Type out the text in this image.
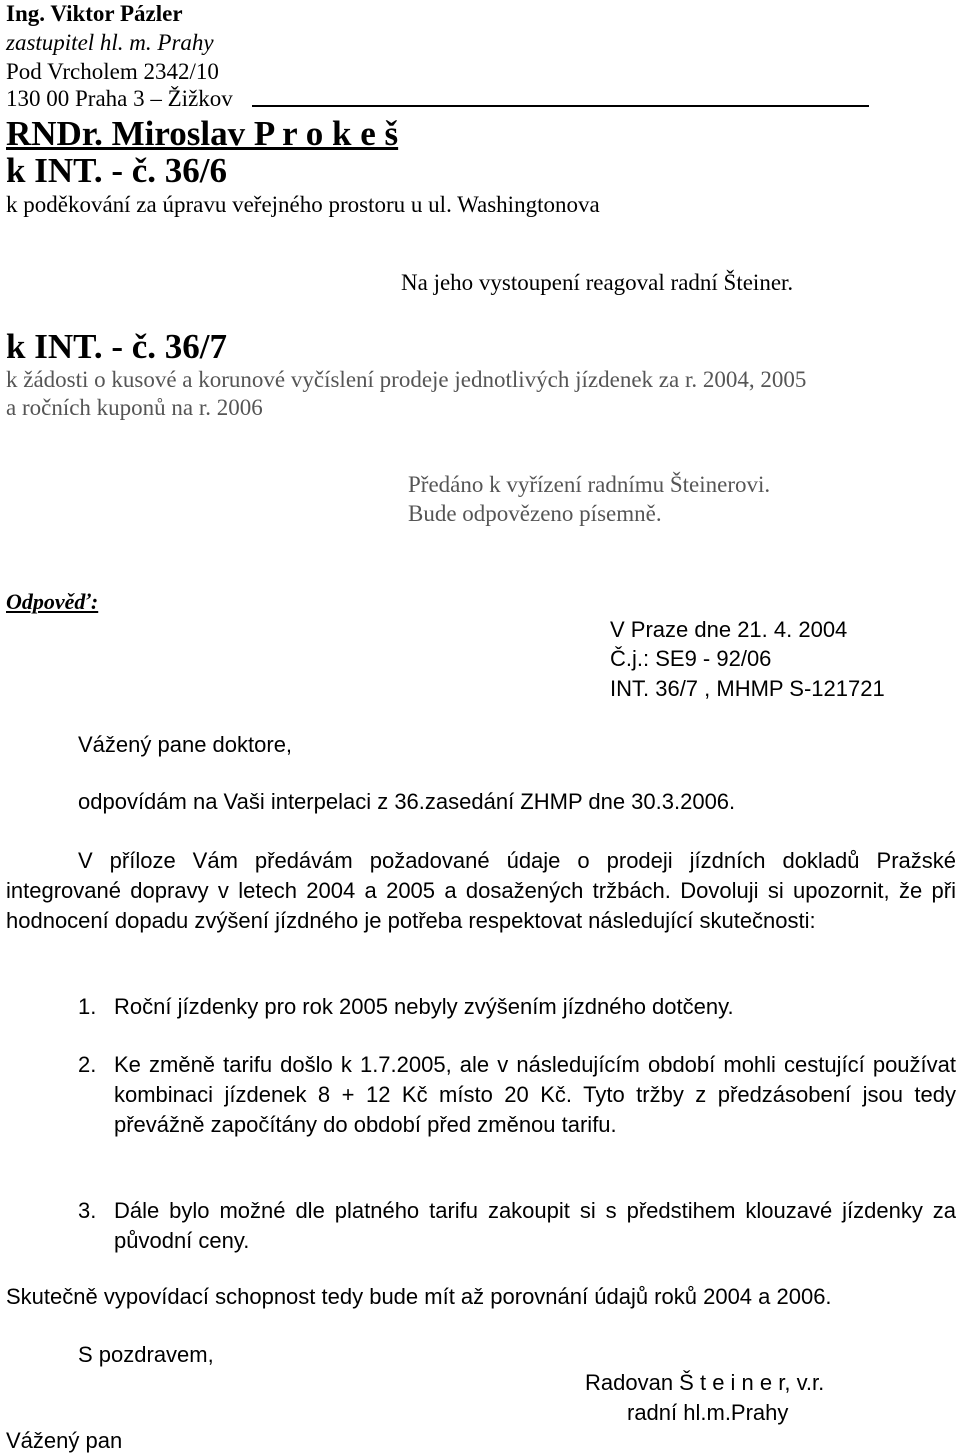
Ing. Viktor Pázler
zastupitel hl. m. Prahy
Pod Vrcholem 2342/10
130 00 Praha 3 – Žižkov
RNDr. Miroslav P r o k e š
k INT. - č. 36/6
k poděkování za úpravu veřejného prostoru u ul. Washingtonova
Na jeho vystoupení reagoval radní Šteiner.
k INT. - č. 36/7
k žádosti o kusové a korunové vyčíslení prodeje jednotlivých jízdenek za r. 2004, 2005
a ročních kuponů na r. 2006
Předáno k vyřízení radnímu Šteinerovi.
Bude odpovězeno písemně.
Odpověď:
V Praze dne 21. 4. 2004
Č.j.: SE9 - 92/06
INT. 36/7 , MHMP S-121721
Vážený pane doktore,
odpovídám na Vaši interpelaci z 36.zasedání ZHMP dne 30.3.2006.

V příloze Vám předávám požadované údaje o prodeji jízdních dokladů Pražské integrované dopravy v letech 2004 a 2005 a dosažených tržbách. Dovoluji si upozornit, že při hodnocení dopadu zvýšení jízdného je potřeba respektovat následující skutečnosti:

1. Roční jízdenky pro rok 2005 nebyly zvýšením jízdného dotčeny.
2. Ke změně tarifu došlo k 1.7.2005, ale v následujícím období mohli cestující používat kombinaci jízdenek 8 + 12 Kč místo 20 Kč. Tyto tržby z předzásobení jsou tedy převážně započítány do období před změnou tarifu.
3. Dále bylo možné dle platného tarifu zakoupit si s předstihem klouzavé jízdenky za původní ceny.
Skutečně vypovídací schopnost tedy bude mít až porovnání údajů roků 2004 a 2006.
S pozdravem,
Radovan Š t e i n e r, v.r.
radní hl.m.Prahy
Vážený pan
